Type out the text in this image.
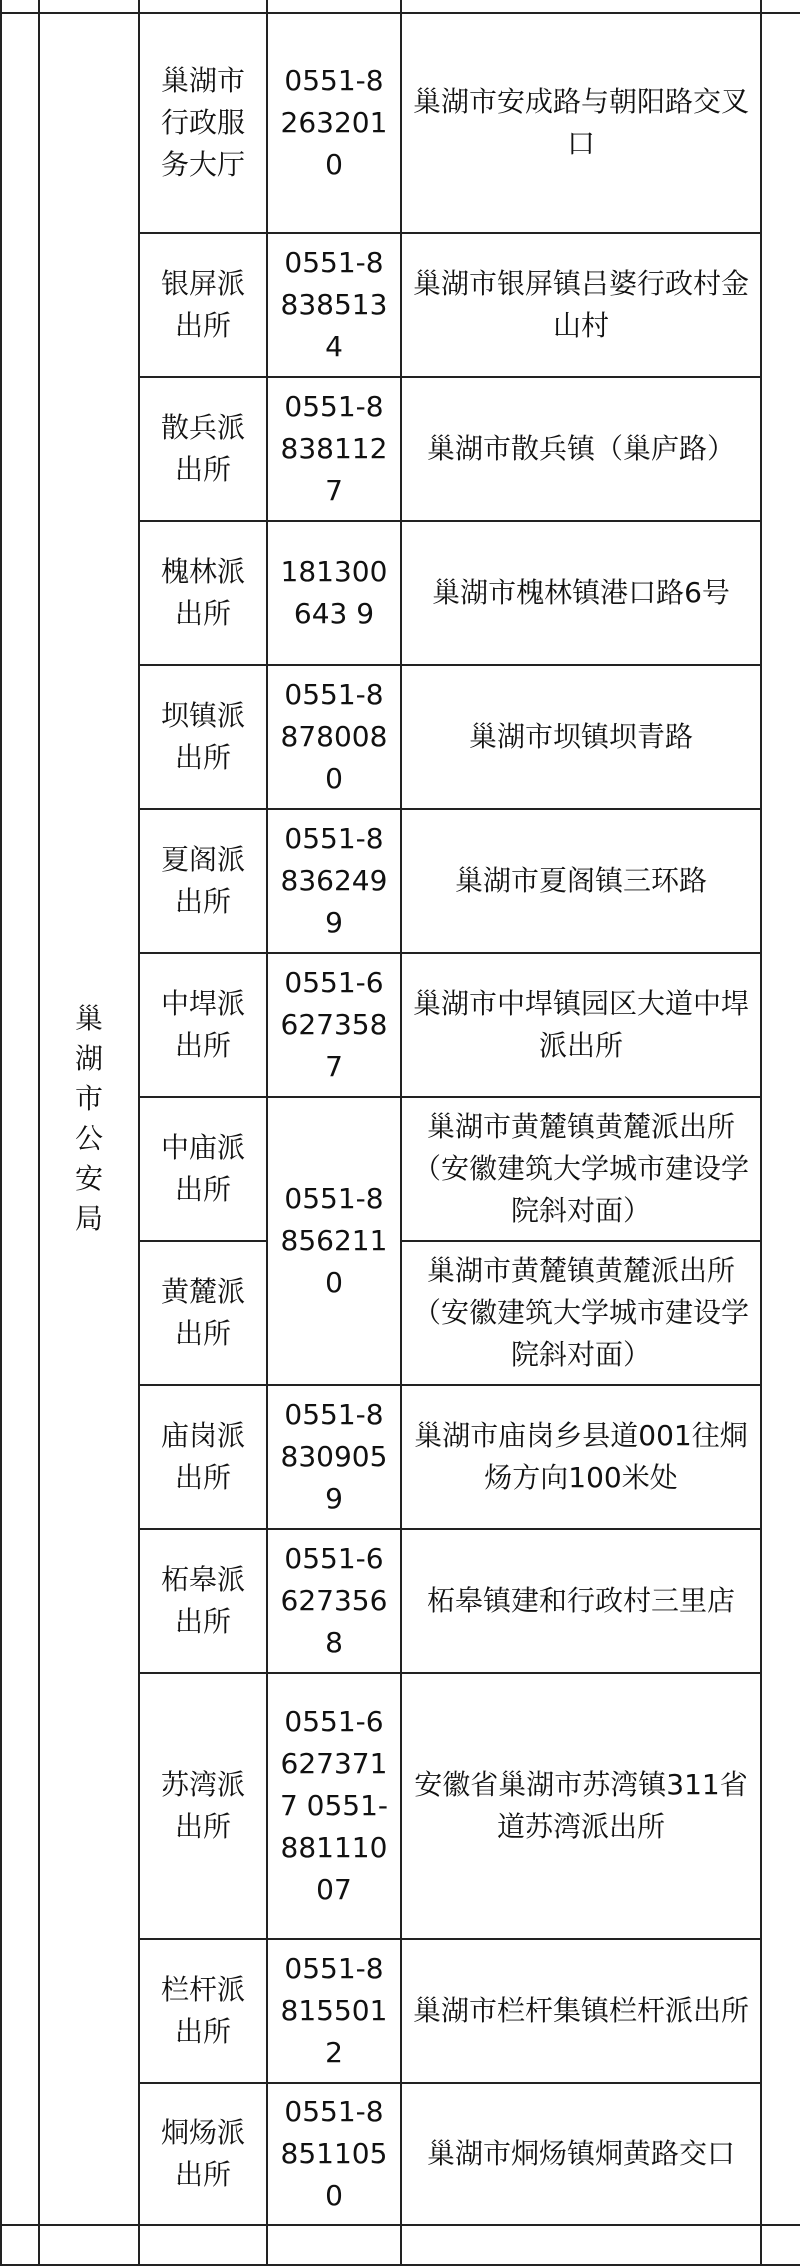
	巢湖市公安局	巢湖市行政服务大厅	0551-82632010	巢湖市安成路与朝阳路交叉口	

		银屏派出所	0551-88385134	巢湖市银屏镇吕婆行政村金山村	

		散兵派出所	0551-88381127	巢湖市散兵镇（巢庐路）	

		槐林派出所	181300643 9	巢湖市槐林镇港口路6号	

		坝镇派出所	0551-88780080	巢湖市坝镇坝青路	

		夏阁派出所	0551-88362499	巢湖市夏阁镇三环路	

		中垾派出所	0551-66273587	巢湖市中垾镇园区大道中垾派出所	

		中庙派出所	0551-88562110	巢湖市黄麓镇黄麓派出所（安徽建筑大学城市建设学院斜对面）	

		黄麓派出所		巢湖市黄麓镇黄麓派出所（安徽建筑大学城市建设学院斜对面）	

		庙岗派出所	0551-88309059	巢湖市庙岗乡县道001往烔炀方向100米处	

		柘皋派出所	0551-66273568	柘皋镇建和行政村三里店	

		苏湾派出所	0551-66273717 0551-88111007	安徽省巢湖市苏湾镇311省道苏湾派出所	

		栏杆派出所	0551-88155012	巢湖市栏杆集镇栏杆派出所	

		烔炀派出所	0551-88511050	巢湖市烔炀镇烔黄路交口	
